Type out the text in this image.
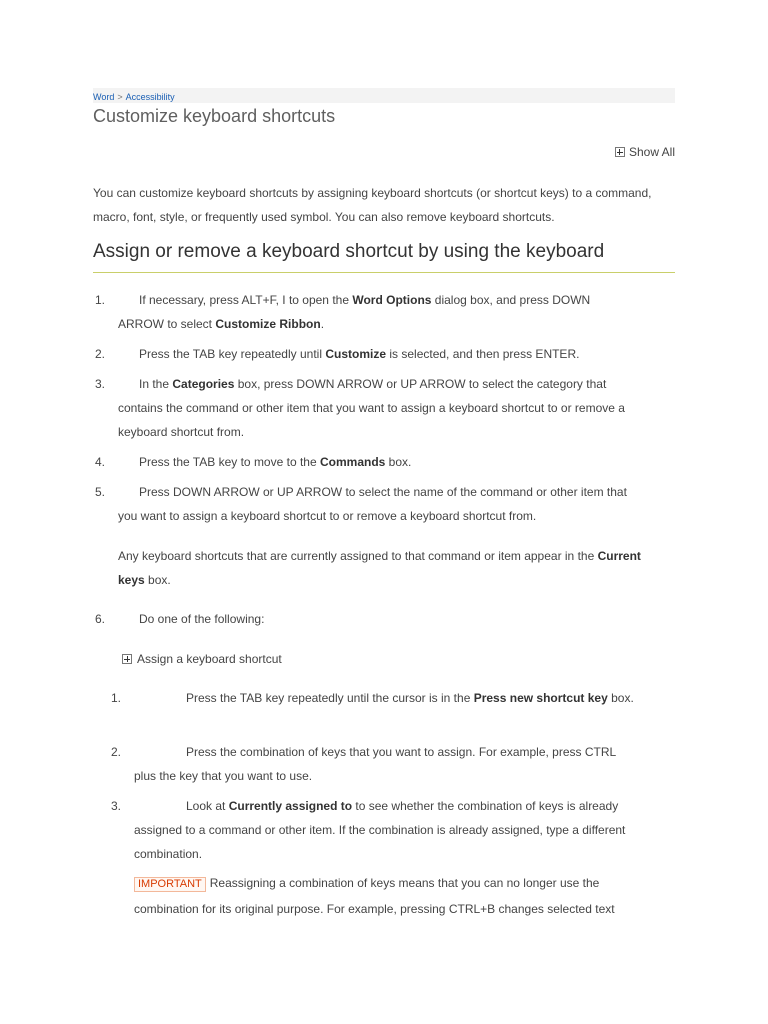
Word > Accessibility
Customize keyboard shortcuts
Show All

You can customize keyboard shortcuts by assigning keyboard shortcuts (or shortcut keys) to a command, macro, font, style, or frequently used symbol. You can also remove keyboard shortcuts.

Assign or remove a keyboard shortcut by using the keyboard
1.	If necessary, press ALT+F, I to open the Word Options dialog box, and press DOWN ARROW to select Customize Ribbon.

2.	Press the TAB key repeatedly until Customize is selected, and then press ENTER.

3.	In the Categories box, press DOWN ARROW or UP ARROW to select the category that contains the command or other item that you want to assign a keyboard shortcut to or remove a keyboard shortcut from.

4.	Press the TAB key to move to the Commands box.

5.	Press DOWN ARROW or UP ARROW to select the name of the command or other item that you want to assign a keyboard shortcut to or remove a keyboard shortcut from.

Any keyboard shortcuts that are currently assigned to that command or item appear in the Current keys box.

6.	Do one of the following:

Assign a keyboard shortcut
1.	Press the TAB key repeatedly until the cursor is in the Press new shortcut key box.

2.	Press the combination of keys that you want to assign. For example, press CTRL plus the key that you want to use.

3.	Look at Currently assigned to to see whether the combination of keys is already assigned to a command or other item. If the combination is already assigned, type a different combination.

IMPORTANT Reassigning a combination of keys means that you can no longer use the combination for its original purpose. For example, pressing CTRL+B changes selected text
